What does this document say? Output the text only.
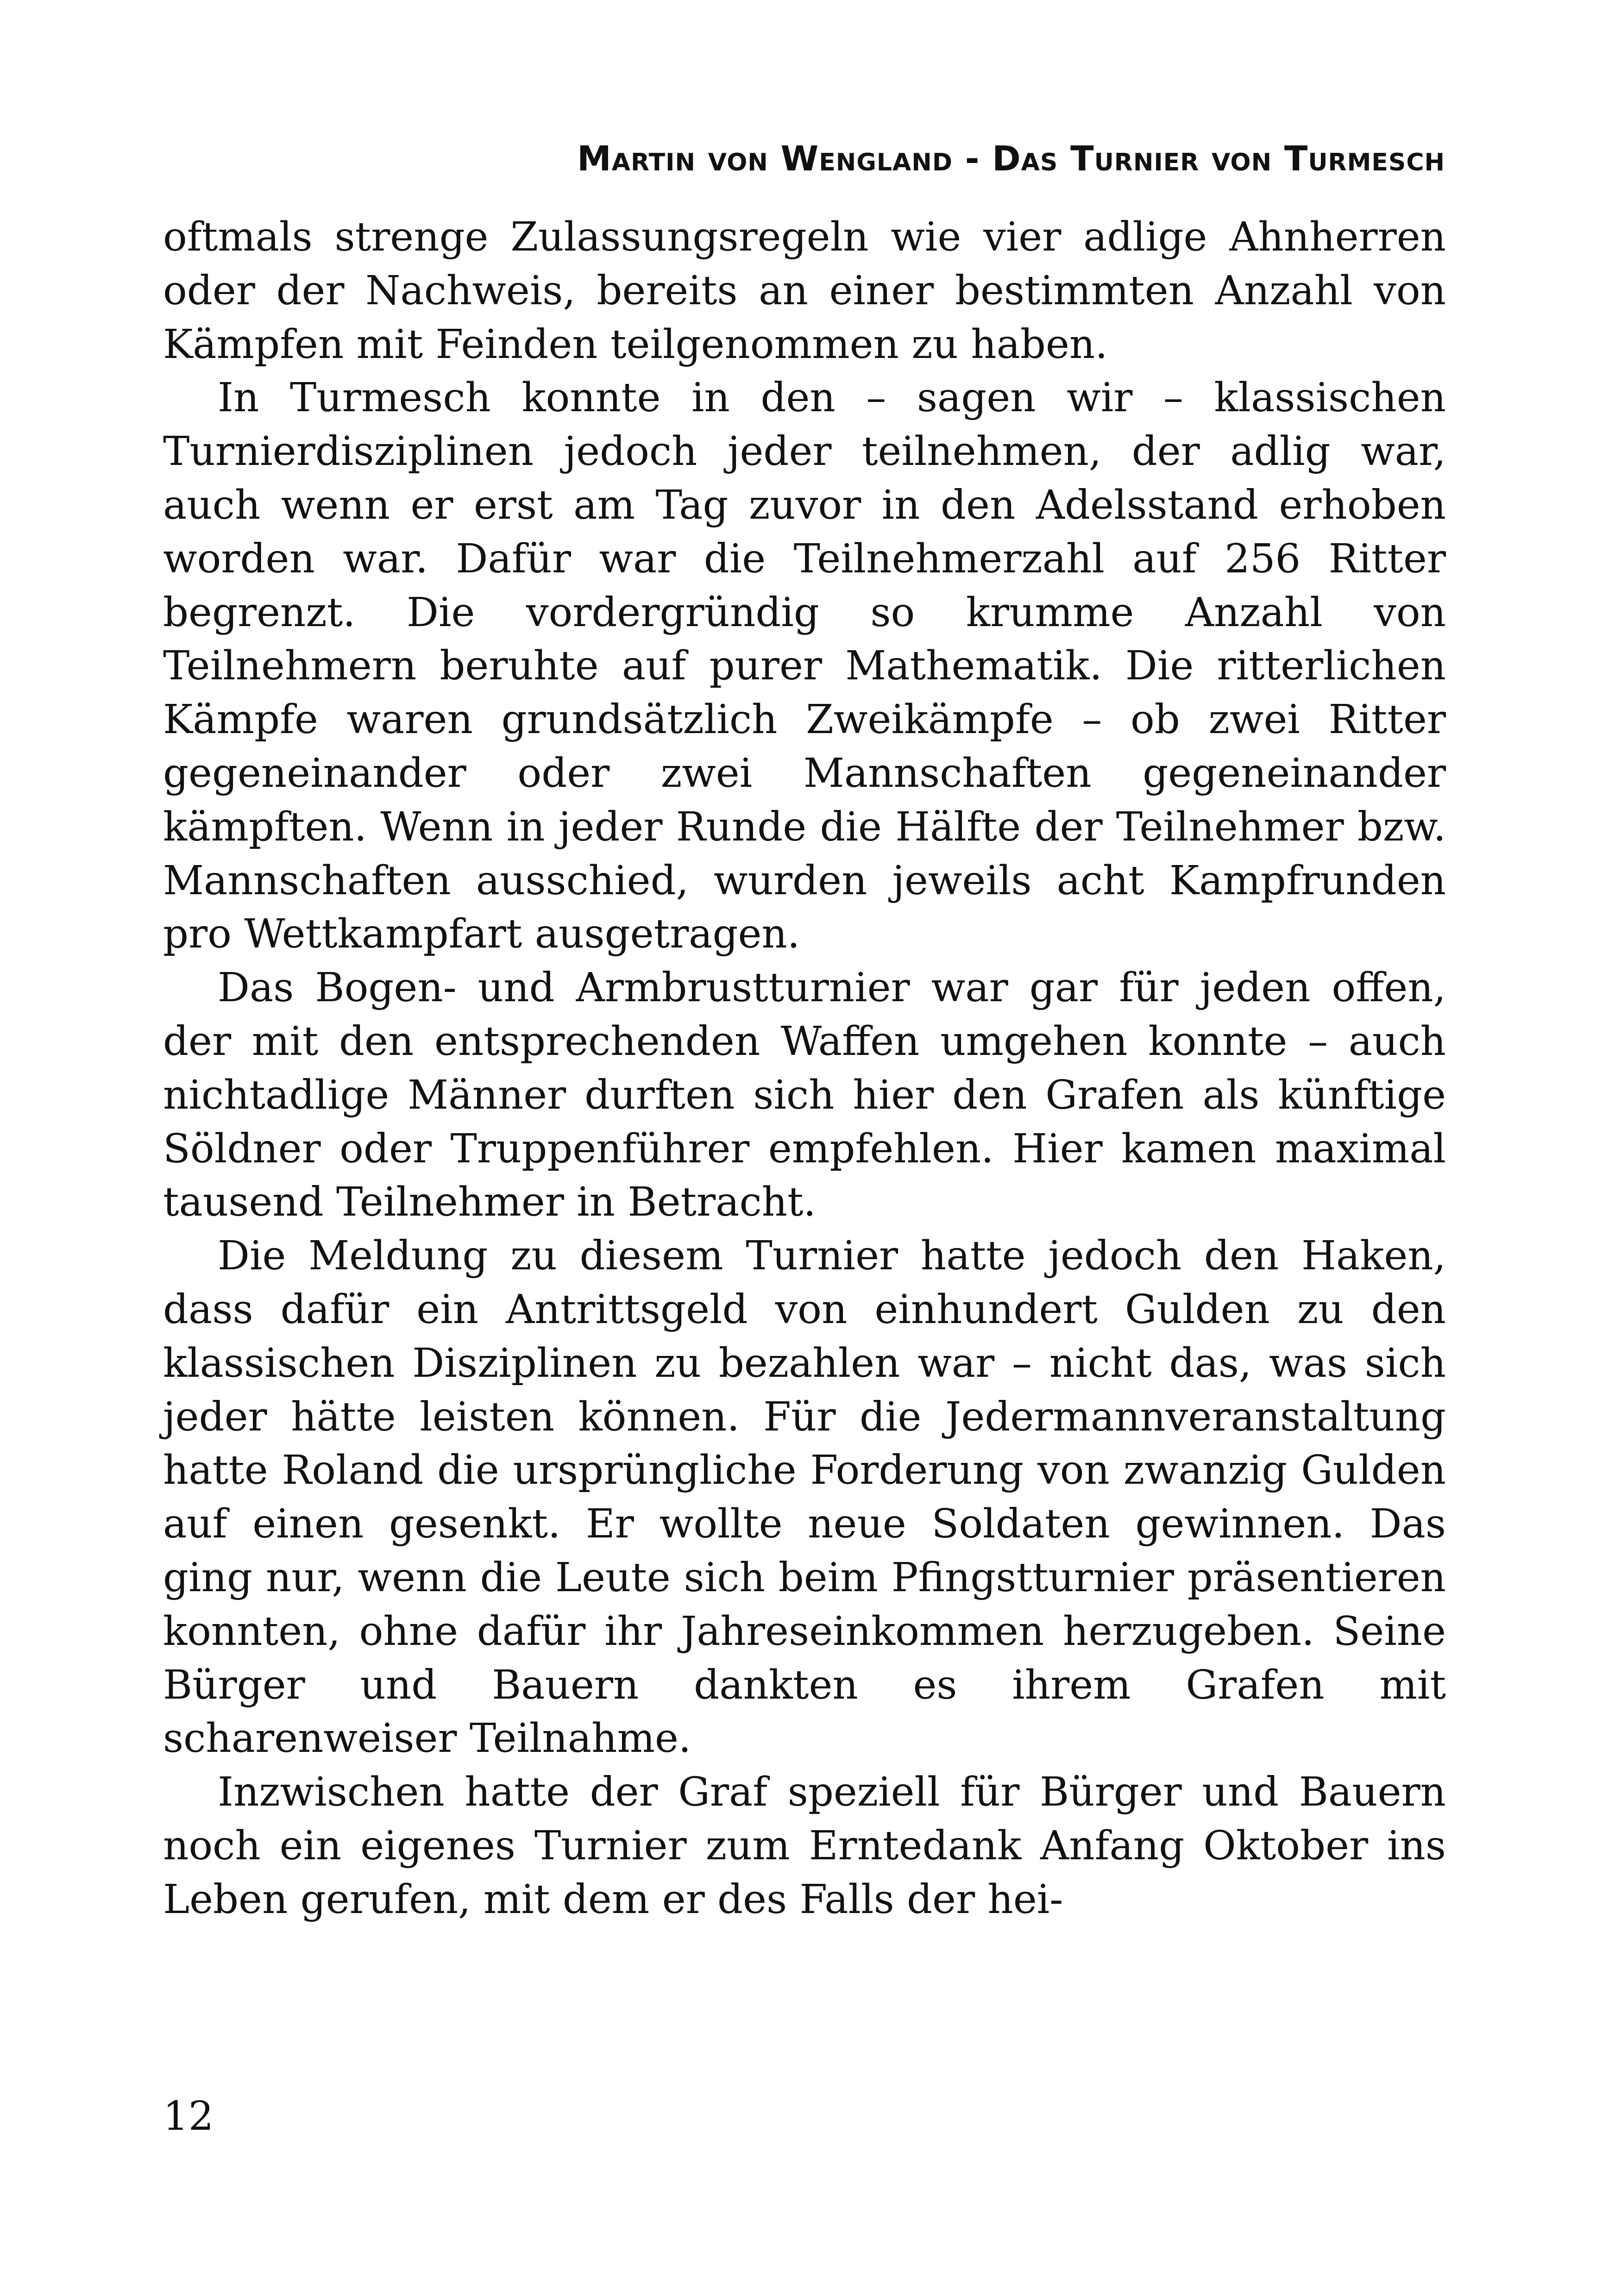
Martin von Wengland - Das Turnier von Turmesch

oftmals strenge Zulassungsregeln wie vier adlige Ahnherren oder der Nachweis, bereits an einer bestimmten Anzahl von Kämpfen mit Feinden teilgenommen zu haben.

In Turmesch konnte in den – sagen wir – klassischen Turnierdisziplinen jedoch jeder teilnehmen, der adlig war, auch wenn er erst am Tag zuvor in den Adelsstand erhoben worden war. Dafür war die Teilnehmerzahl auf 256 Ritter begrenzt. Die vordergründig so krumme Anzahl von Teilnehmern beruhte auf purer Mathematik. Die ritterlichen Kämpfe waren grundsätzlich Zweikämpfe – ob zwei Ritter gegeneinander oder zwei Mannschaften gegeneinander kämpften. Wenn in jeder Runde die Hälfte der Teilnehmer bzw. Mannschaften ausschied, wurden jeweils acht Kampfrunden pro Wettkampfart ausgetragen.

Das Bogen- und Armbrustturnier war gar für jeden offen, der mit den entsprechenden Waffen umgehen konnte – auch nichtadlige Männer durften sich hier den Grafen als künftige Söldner oder Truppenführer empfehlen. Hier kamen maximal tausend Teilnehmer in Betracht.

Die Meldung zu diesem Turnier hatte jedoch den Haken, dass dafür ein Antrittsgeld von einhundert Gulden zu den klassischen Disziplinen zu bezahlen war – nicht das, was sich jeder hätte leisten können. Für die Jedermannveranstaltung hatte Roland die ursprüngliche Forderung von zwanzig Gulden auf einen gesenkt. Er wollte neue Soldaten gewinnen. Das ging nur, wenn die Leute sich beim Pfingstturnier präsentieren konnten, ohne dafür ihr Jahreseinkommen herzugeben. Seine Bürger und Bauern dankten es ihrem Grafen mit scharenweiser Teilnahme.

Inzwischen hatte der Graf speziell für Bürger und Bauern noch ein eigenes Turnier zum Erntedank Anfang Oktober ins Leben gerufen, mit dem er des Falls der hei-

12
